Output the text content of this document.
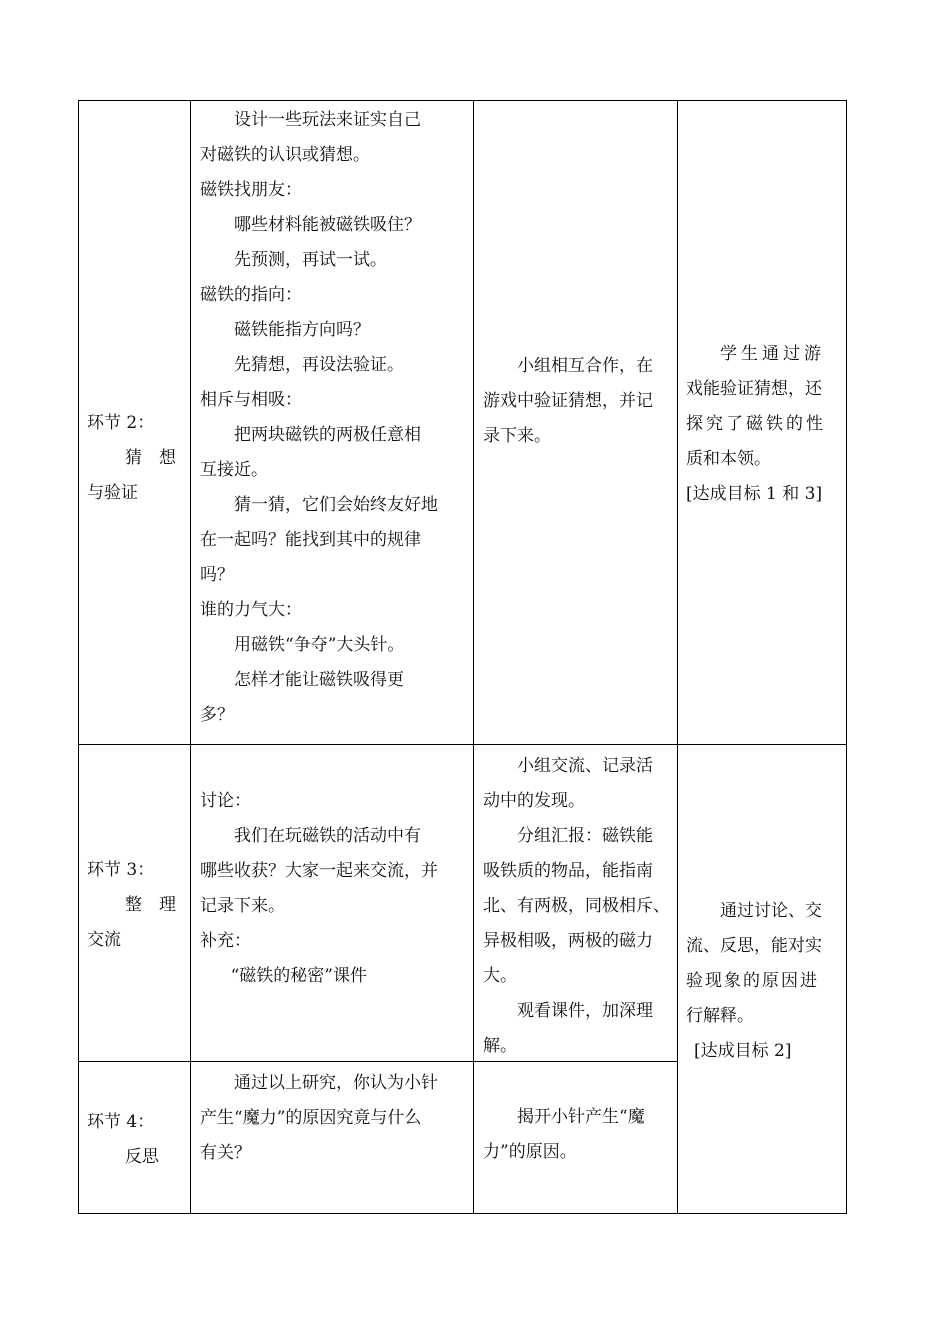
环节 2：
猜　想
与验证
设计一些玩法来证实自己
对磁铁的认识或猜想。
磁铁找朋友：
哪些材料能被磁铁吸住？
先预测，再试一试。
磁铁的指向：
磁铁能指方向吗？
先猜想，再设法验证。
相斥与相吸：
把两块磁铁的两极任意相
互接近。
猜一猜，它们会始终友好地
在一起吗？能找到其中的规律
吗？
谁的力气大：
用磁铁“争夺”大头针。
怎样才能让磁铁吸得更
多？
小组相互合作，在
游戏中验证猜想，并记
录下来。
学生通过游
戏能验证猜想，还
探究了磁铁的性
质和本领。
[达成目标 1 和 3]
环节 3：
整　理
交流
讨论：
我们在玩磁铁的活动中有
哪些收获？大家一起来交流，并
记录下来。
补充：
“磁铁的秘密”课件
小组交流、记录活
动中的发现。
分组汇报：磁铁能
吸铁质的物品，能指南
北、有两极，同极相斥、
异极相吸，两极的磁力
大。
观看课件，加深理
解。
通过讨论、交
流、反思，能对实
验现象的原因进
行解释。
[达成目标 2]
环节 4：
反思
通过以上研究，你认为小针
产生“魔力”的原因究竟与什么
有关？
揭开小针产生“魔
力”的原因。
